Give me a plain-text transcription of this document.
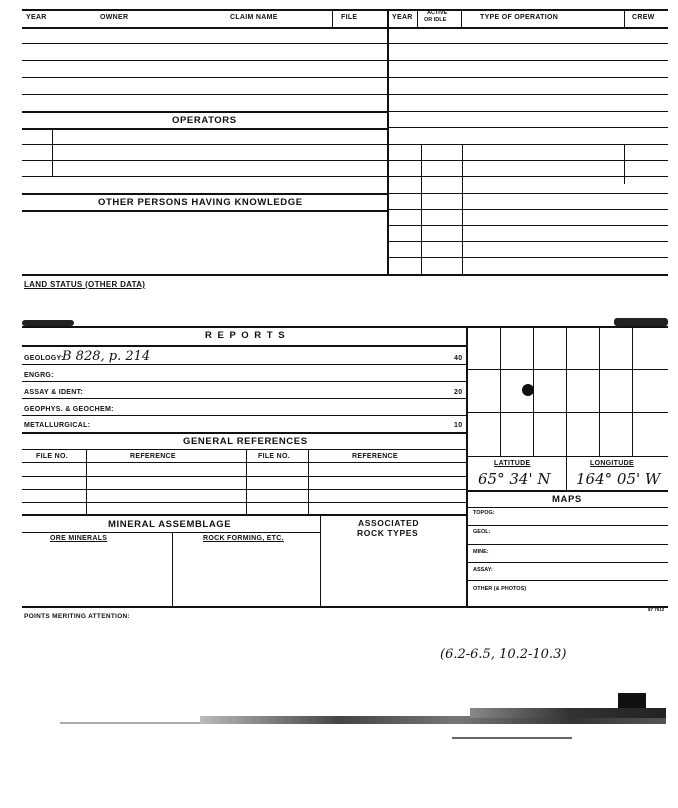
YEAR	OWNER	CLAIM NAME	FILE	YEAR
ACTIVE
OR IDLE	TYPE OF OPERATION	CREW
OPERATORS
OTHER PERSONS HAVING KNOWLEDGE
LAND STATUS (OTHER DATA)
R E P O R T S
GEOLOGY:
B 828, p. 214	40
ENGRG:
ASSAY & IDENT:	20
GEOPHYS. & GEOCHEM:
METALLURGICAL:	10
GENERAL REFERENCES
FILE NO.	REFERENCE	FILE NO.	REFERENCE
MINERAL ASSEMBLAGE
ORE MINERALS	ROCK FORMING, ETC.
ASSOCIATED
ROCK TYPES
LATITUDE	LONGITUDE
65° 34' N 164° 05' W
MAPS
TOPOG:
GEOL:
MINE:
ASSAY:
OTHER (& PHOTOS)
POINTS MERITING ATTENTION:
87 7512
(6.2-6.5, 10.2-10.3)
